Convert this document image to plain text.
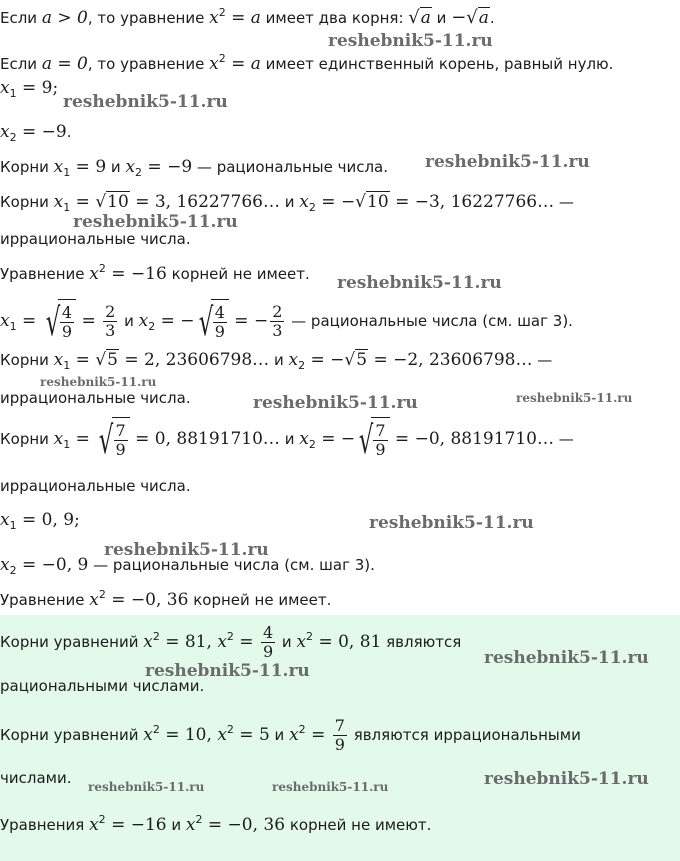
Если a > 0, то уравнение $x^2 = a$ имеет два корня: √a и −√a.
Если a = 0, то уравнение $x^2 = a$ имеет единственный корень, равный нулю.
$x_1 = 9$;
$x_2 = -9$.
Корни $x_1 = 9$ и $x_2 = -9$ — рациональные числа.
Корни $x_1 = √10 = 3$, 16227766… и $x_2 = -√10 = -3$, 16227766… —
иррациональные числа.
Уравнение $x^2 = -16$ корней не имеет.
$x_1$ = √ $\frac{4}{9} = \frac{2}{3}$ и $x_2$ = −√ $\frac{4}{9}$ = − $\frac{2}{3}$ — рациональные числа (см. шаг 3).
Корни $x_1 = √5 = 2$, 23606798… и $x_2 = -√5 = -2$, 23606798… —
иррациональные числа.
Корни $x_1$ = √ $\frac{7}{9} = 0$, 88191710… и $x_2$ = −√ $\frac{7}{9} = -0$, 88191710… —
иррациональные числа.
$x_1 = 0$, 9;
$x_2 = -0$, 9 — рациональные числа (см. шаг 3).
Уравнение $x^2 = -0$, 36 корней не имеет.
Корни уравнений $x^2 = 81$, $x^2 = \frac{4}{9}$ и $x^2 = 0$, 81 являются
рациональными числами.
Корни уравнений $x^2 = 10$, $x^2 = 5$ и $x^2 = \frac{7}{9}$ являются иррациональными
числами.
Уравнения $x^2 = -16$ и $x^2 = -0$, 36 корней не имеют.
reshebnik5-11.ru
reshebnik5-11.ru
reshebnik5-11.ru
reshebnik5-11.ru
reshebnik5-11.ru
reshebnik5-11.ru
reshebnik5-11.ru	reshebnik5-11.ru
reshebnik5-11.ru
reshebnik5-11.ru
reshebnik5-11.ru
reshebnik5-11.ru
reshebnik5-11.ru	reshebnik5-11.ru	reshebnik5-11.ru
